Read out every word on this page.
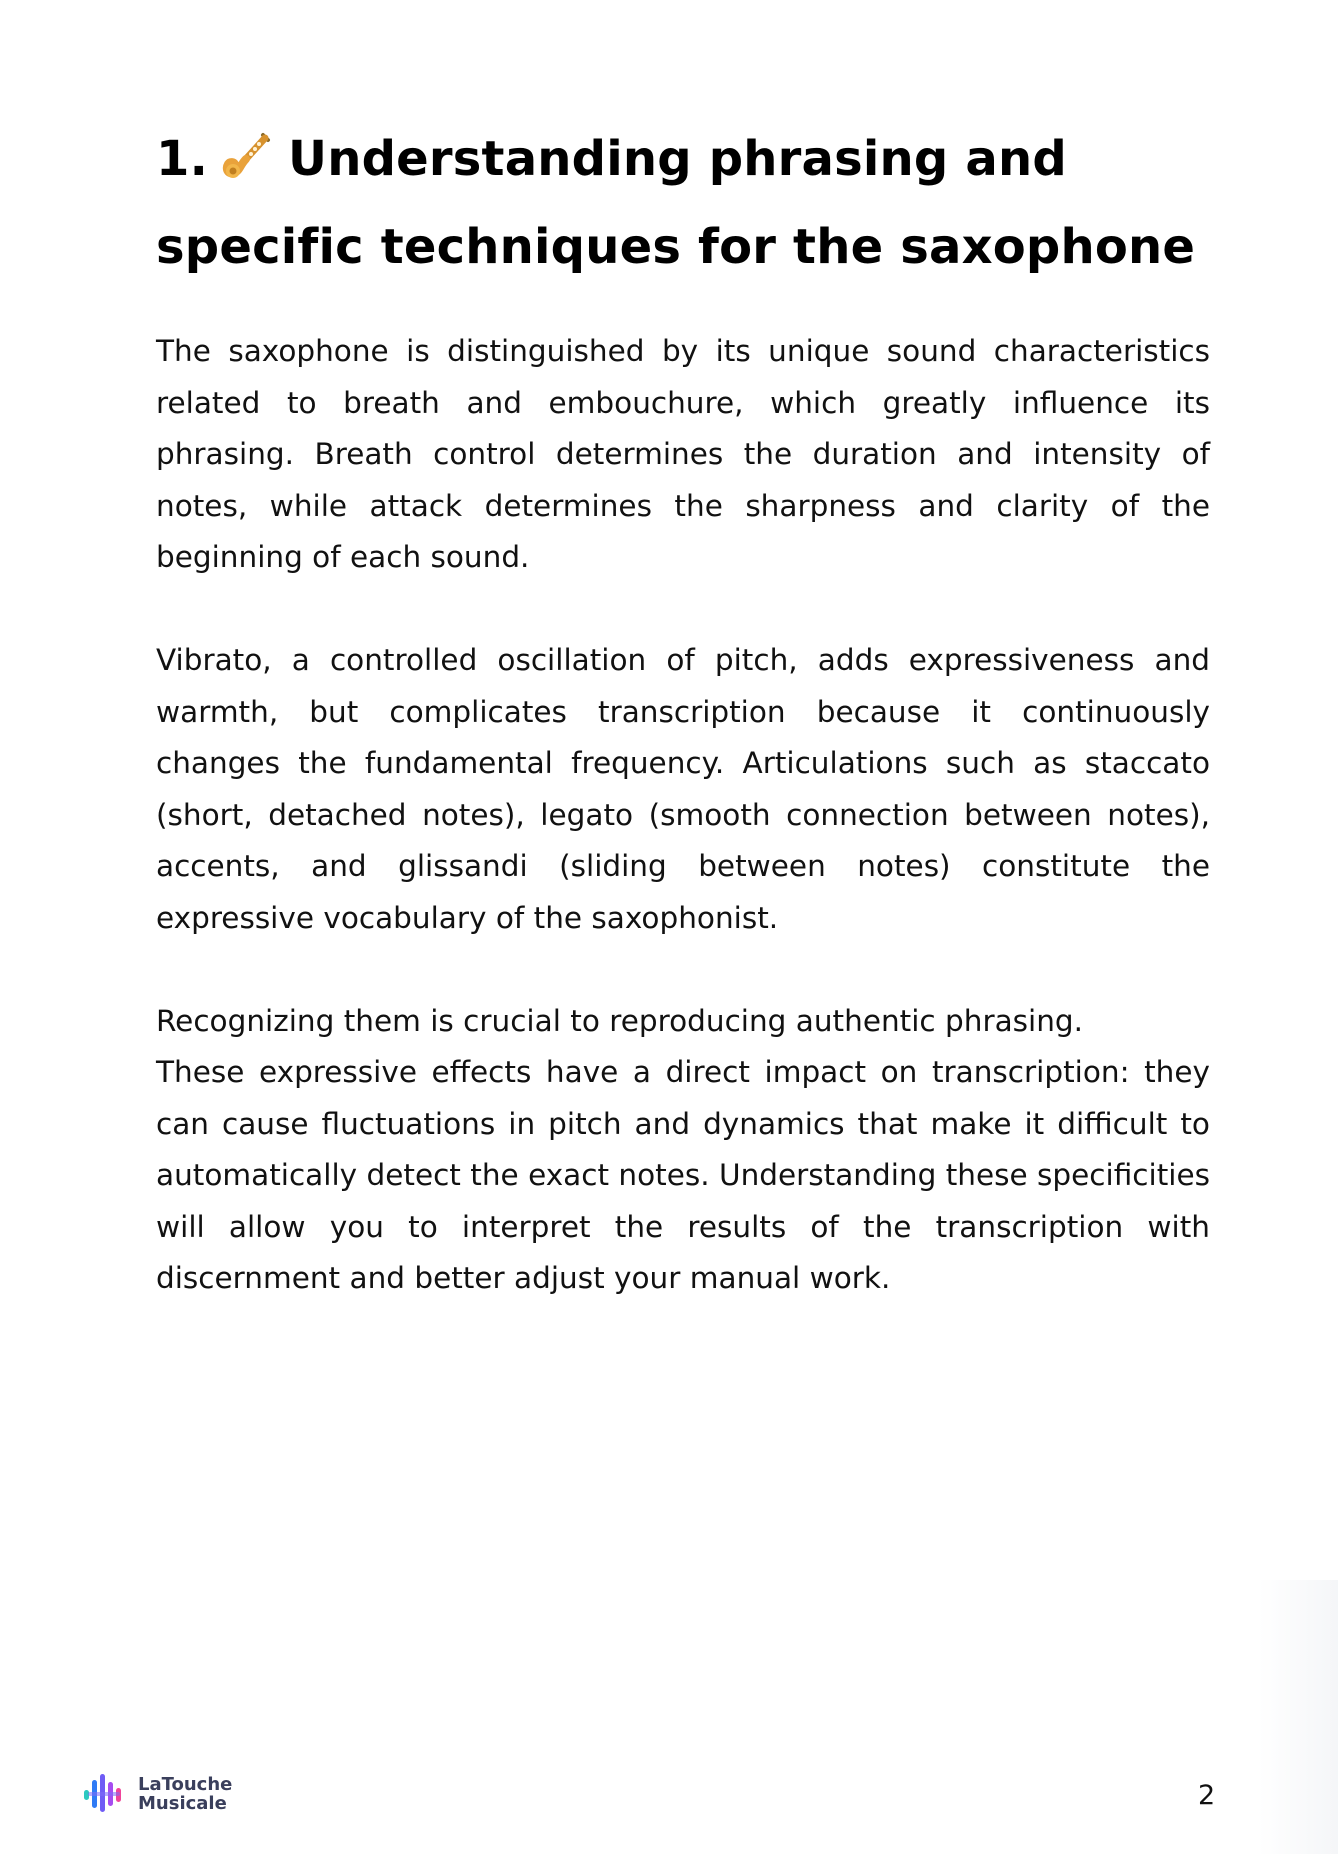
1. Understanding phrasing and
specific techniques for the saxophone

The saxophone is distinguished by its unique sound characteristics related to breath and embouchure, which greatly influence its phrasing. Breath control determines the duration and intensity of notes, while attack determines the sharpness and clarity of the beginning of each sound.

Vibrato, a controlled oscillation of pitch, adds expressiveness and warmth, but complicates transcription because it continuously changes the fundamental frequency. Articulations such as staccato (short, detached notes), legato (smooth connection between notes), accents, and glissandi (sliding between notes) constitute the expressive vocabulary of the saxophonist.

Recognizing them is crucial to reproducing authentic phrasing.

These expressive effects have a direct impact on transcription: they can cause fluctuations in pitch and dynamics that make it difficult to automatically detect the exact notes. Understanding these specificities will allow you to interpret the results of the transcription with discernment and better adjust your manual work.

LaTouche
Musicale	2
